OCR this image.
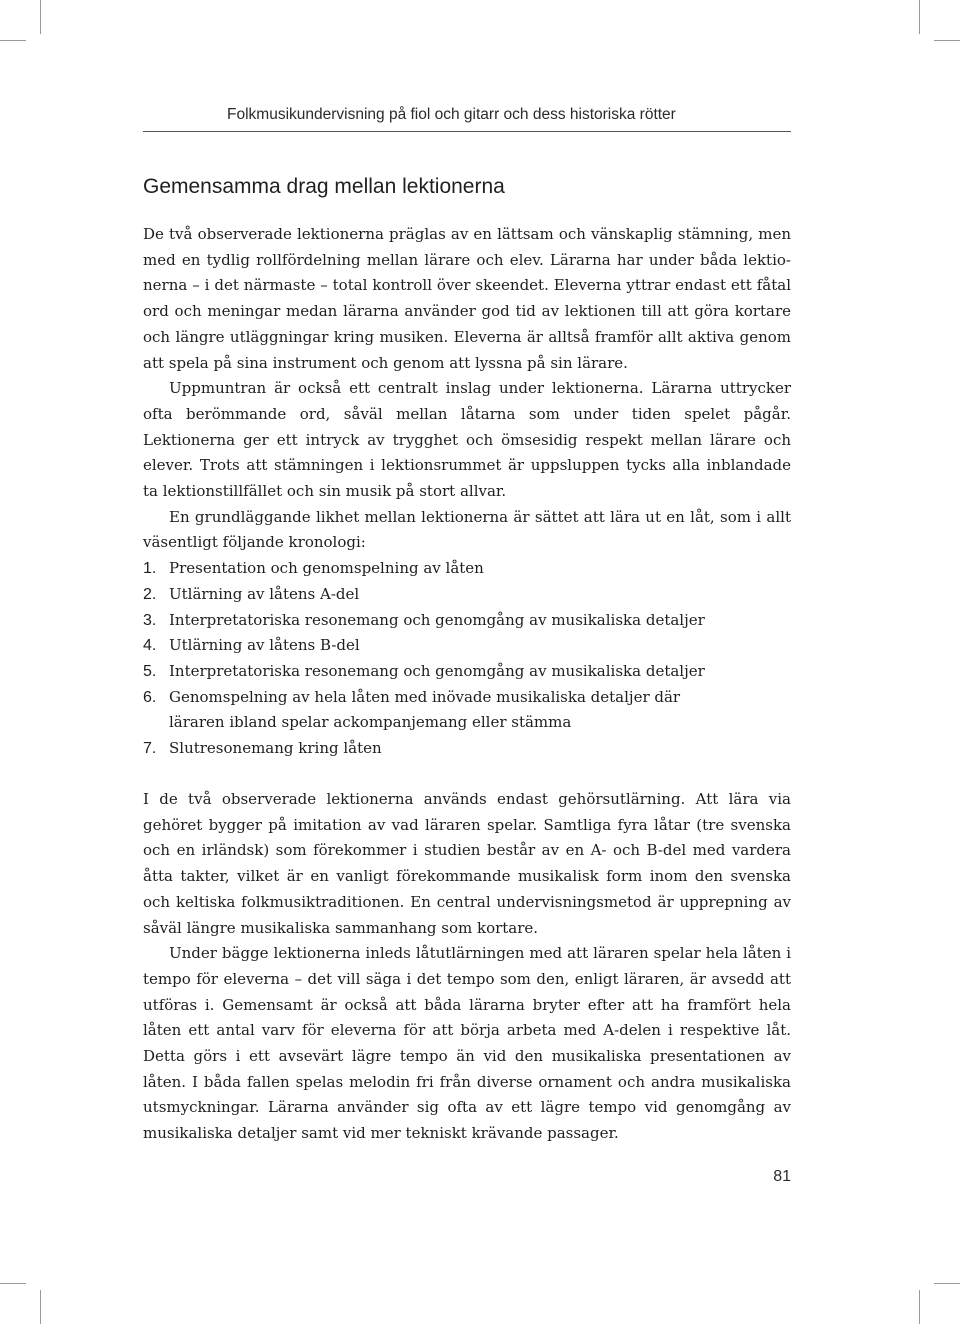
Folkmusikundervisning på fiol och gitarr och dess historiska rötter
Gemensamma drag mellan lektionerna

De två observerade lektionerna präglas av en lättsam och vänskaplig stämning, men med en tydlig rollfördelning mellan lärare och elev. Lärarna har under båda lektionerna – i det närmaste – total kontroll över skeendet. Eleverna yttrar endast ett fåtal ord och meningar medan lärarna använder god tid av lektionen till att göra kortare och längre utläggningar kring musiken. Eleverna är alltså framför allt aktiva genom att spela på sina instrument och genom att lyssna på sin lärare.

Uppmuntran är också ett centralt inslag under lektionerna. Lärarna uttrycker ofta berömmande ord, såväl mellan låtarna som under tiden spelet pågår. Lektionerna ger ett intryck av trygghet och ömsesidig respekt mellan lärare och elever. Trots att stämningen i lektionsrummet är uppsluppen tycks alla inblandade ta lektionstillfället och sin musik på stort allvar.

En grundläggande likhet mellan lektionerna är sättet att lära ut en låt, som i allt väsentligt följande kronologi:

1. Presentation och genomspelning av låten
2. Utlärning av låtens A-del
3. Interpretatoriska resonemang och genomgång av musikaliska detaljer
4. Utlärning av låtens B-del
5. Interpretatoriska resonemang och genomgång av musikaliska detaljer
6. Genomspelning av hela låten med inövade musikaliska detaljer där läraren ibland spelar ackompanjemang eller stämma
7. Slutresonemang kring låten

I de två observerade lektionerna används endast gehörsutlärning. Att lära via gehöret bygger på imitation av vad läraren spelar. Samtliga fyra låtar (tre svenska och en irländsk) som förekommer i studien består av en A- och B-del med vardera åtta takter, vilket är en vanligt förekommande musikalisk form inom den svenska och keltiska folkmusiktraditionen. En central undervisningsmetod är upprepning av såväl längre musikaliska sammanhang som kortare.

Under bägge lektionerna inleds låtutlärningen med att läraren spelar hela låten i tempo för eleverna – det vill säga i det tempo som den, enligt läraren, är avsedd att utföras i. Gemensamt är också att båda lärarna bryter efter att ha framfört hela låten ett antal varv för eleverna för att börja arbeta med A-delen i respektive låt. Detta görs i ett avsevärt lägre tempo än vid den musikaliska presentationen av låten. I båda fallen spelas melodin fri från diverse ornament och andra musikaliska utsmyckningar. Lärarna använder sig ofta av ett lägre tempo vid genomgång av musikaliska detaljer samt vid mer tekniskt krävande passager.

81
